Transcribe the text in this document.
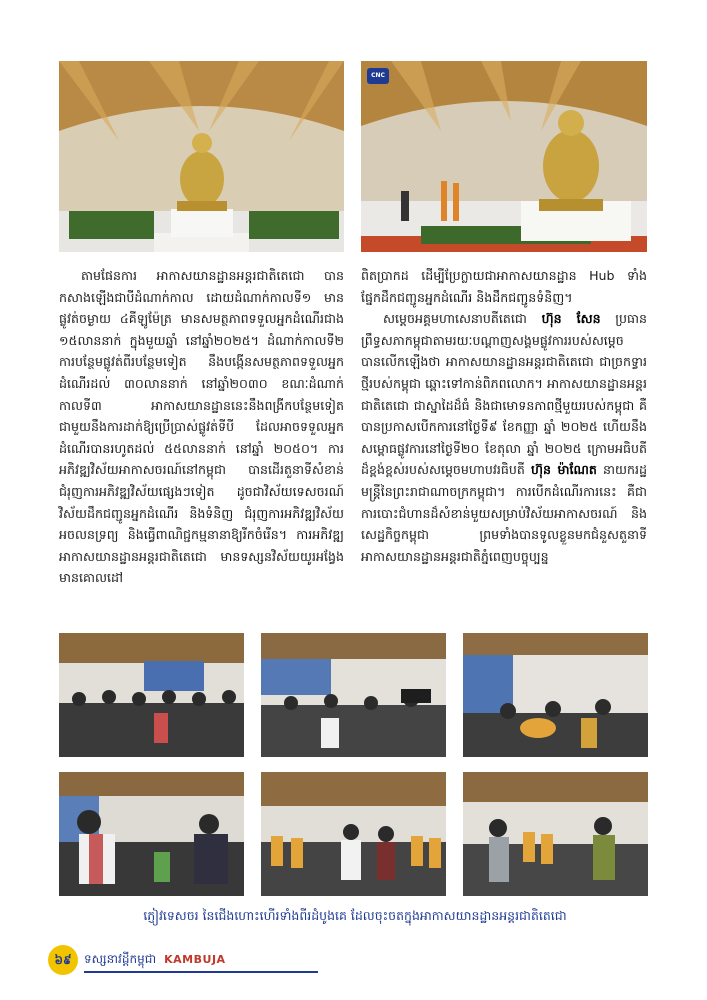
CNC

តាមផែនការ អាកាសយានដ្ឋានអន្តរជាតិតេជោ បានកសាងឡើងជាបីដំណាក់កាល ដោយដំណាក់កាលទី១ មានផ្លូវត់ចម្ងាយ ៤គីឡូម៉ែត្រ មានសមត្ថភាពទទួលអ្នកដំណើរជាង ១៥លាននាក់ ក្នុងមួយឆ្នាំ នៅឆ្នាំ២០២៥។ ដំណាក់កាលទី២ ការបន្ថែមផ្លូវត់ពីរបន្ថែមទៀត នឹងបង្កើនសមត្ថភាពទទួលអ្នកដំណើរដល់ ៣០លាននាក់ នៅឆ្នាំ២០៣០ ខណៈដំណាក់កាលទី៣ អាកាសយានដ្ឋាននេះនឹងពង្រីកបន្ថែមទៀតជាមួយនឹងការដាក់ឱ្យប្រើប្រាស់ផ្លូវត់ទីបី ដែលអាចទទួលអ្នកដំណើរបានរហូតដល់ ៥៥លាននាក់ នៅឆ្នាំ ២០៥០។ ការអភិវឌ្ឍវិស័យអាកាសចរណ៍នៅកម្ពុជា បានដើរតួនាទីសំខាន់ជំរុញការអភិវឌ្ឍវិស័យផ្សេងៗទៀត ដូចជាវិស័យទេសចរណ៍ វិស័យដឹកជញ្ជូនអ្នកដំណើរ និងទំនិញ ជំរុញការអភិវឌ្ឍវិស័យអចលនទ្រព្យ និងធ្វើពាណិជ្ជកម្មនានាឱ្យរីកចំរើន។ ការអភិវឌ្ឍអាកាសយានដ្ឋានអន្តរជាតិតេជោ មានទស្សនវិស័យយូរអង្វែង មានគោលដៅ

ពិតប្រាកដ ដើម្បីប្រែក្លាយជាអាកាសយានដ្ឋាន Hub ទាំងផ្នែកដឹកជញ្ជូនអ្នកដំណើរ និងដឹកជញ្ជូនទំនិញ។

សម្តេចអគ្គមហាសេនាបតីតេជោ ហ៊ុន សែន ប្រធានព្រឹទ្ធសភាកម្ពុជាតាមរយៈបណ្តាញសង្គមផ្លូវការរបស់សម្តេច បានលើកឡើងថា អាកាសយានដ្ឋានអន្តរជាតិតេជោ ជាច្រកទ្វារថ្មីរបស់កម្ពុជា ឆ្ពោះទៅកាន់ពិភពលោក។ អាកាសយានដ្ឋានអន្តរជាតិតេជោ ជាស្នាដៃដ៏ធំ និងជាមោទនភាពថ្មីមួយរបស់កម្ពុជា គឺបានប្រកាសបើកការនៅថ្ងៃទី៩ ខែកញ្ញា ឆ្នាំ ២០២៥ ហើយនឹងសម្ពោធផ្លូវការនៅថ្ងៃទី២០ ខែតុលា ឆ្នាំ ២០២៥ ក្រោមអធិបតីដ៏ខ្ពង់ខ្ពស់របស់សម្តេចមហាបវរធិបតី ហ៊ុន ម៉ាណែត នាយករដ្ឋមន្ត្រីនៃព្រះរាជាណាចក្រកម្ពុជា។ ការបើកដំណើរការនេះ គឺជាការបោះជំហានដ៏សំខាន់មួយសម្រាប់វិស័យអាកាសចរណ៍ និងសេដ្ឋកិច្ចកម្ពុជា ព្រមទាំងបានទូលខ្លួនមកជំនួសតួនាទីអាកាសយានដ្ឋានអន្តរជាតិភ្នំពេញបច្ចុប្បន្ន

ភ្ញៀវទេសចរ នៃជើងហោះហើរទាំងពីរដំបូងគេ ដែលចុះចតក្នុងអាកាសយានដ្ឋានអន្តរជាតិតេជោ
៦៩	ទស្សនាវដ្តីកម្ពុជា KAMBUJA
